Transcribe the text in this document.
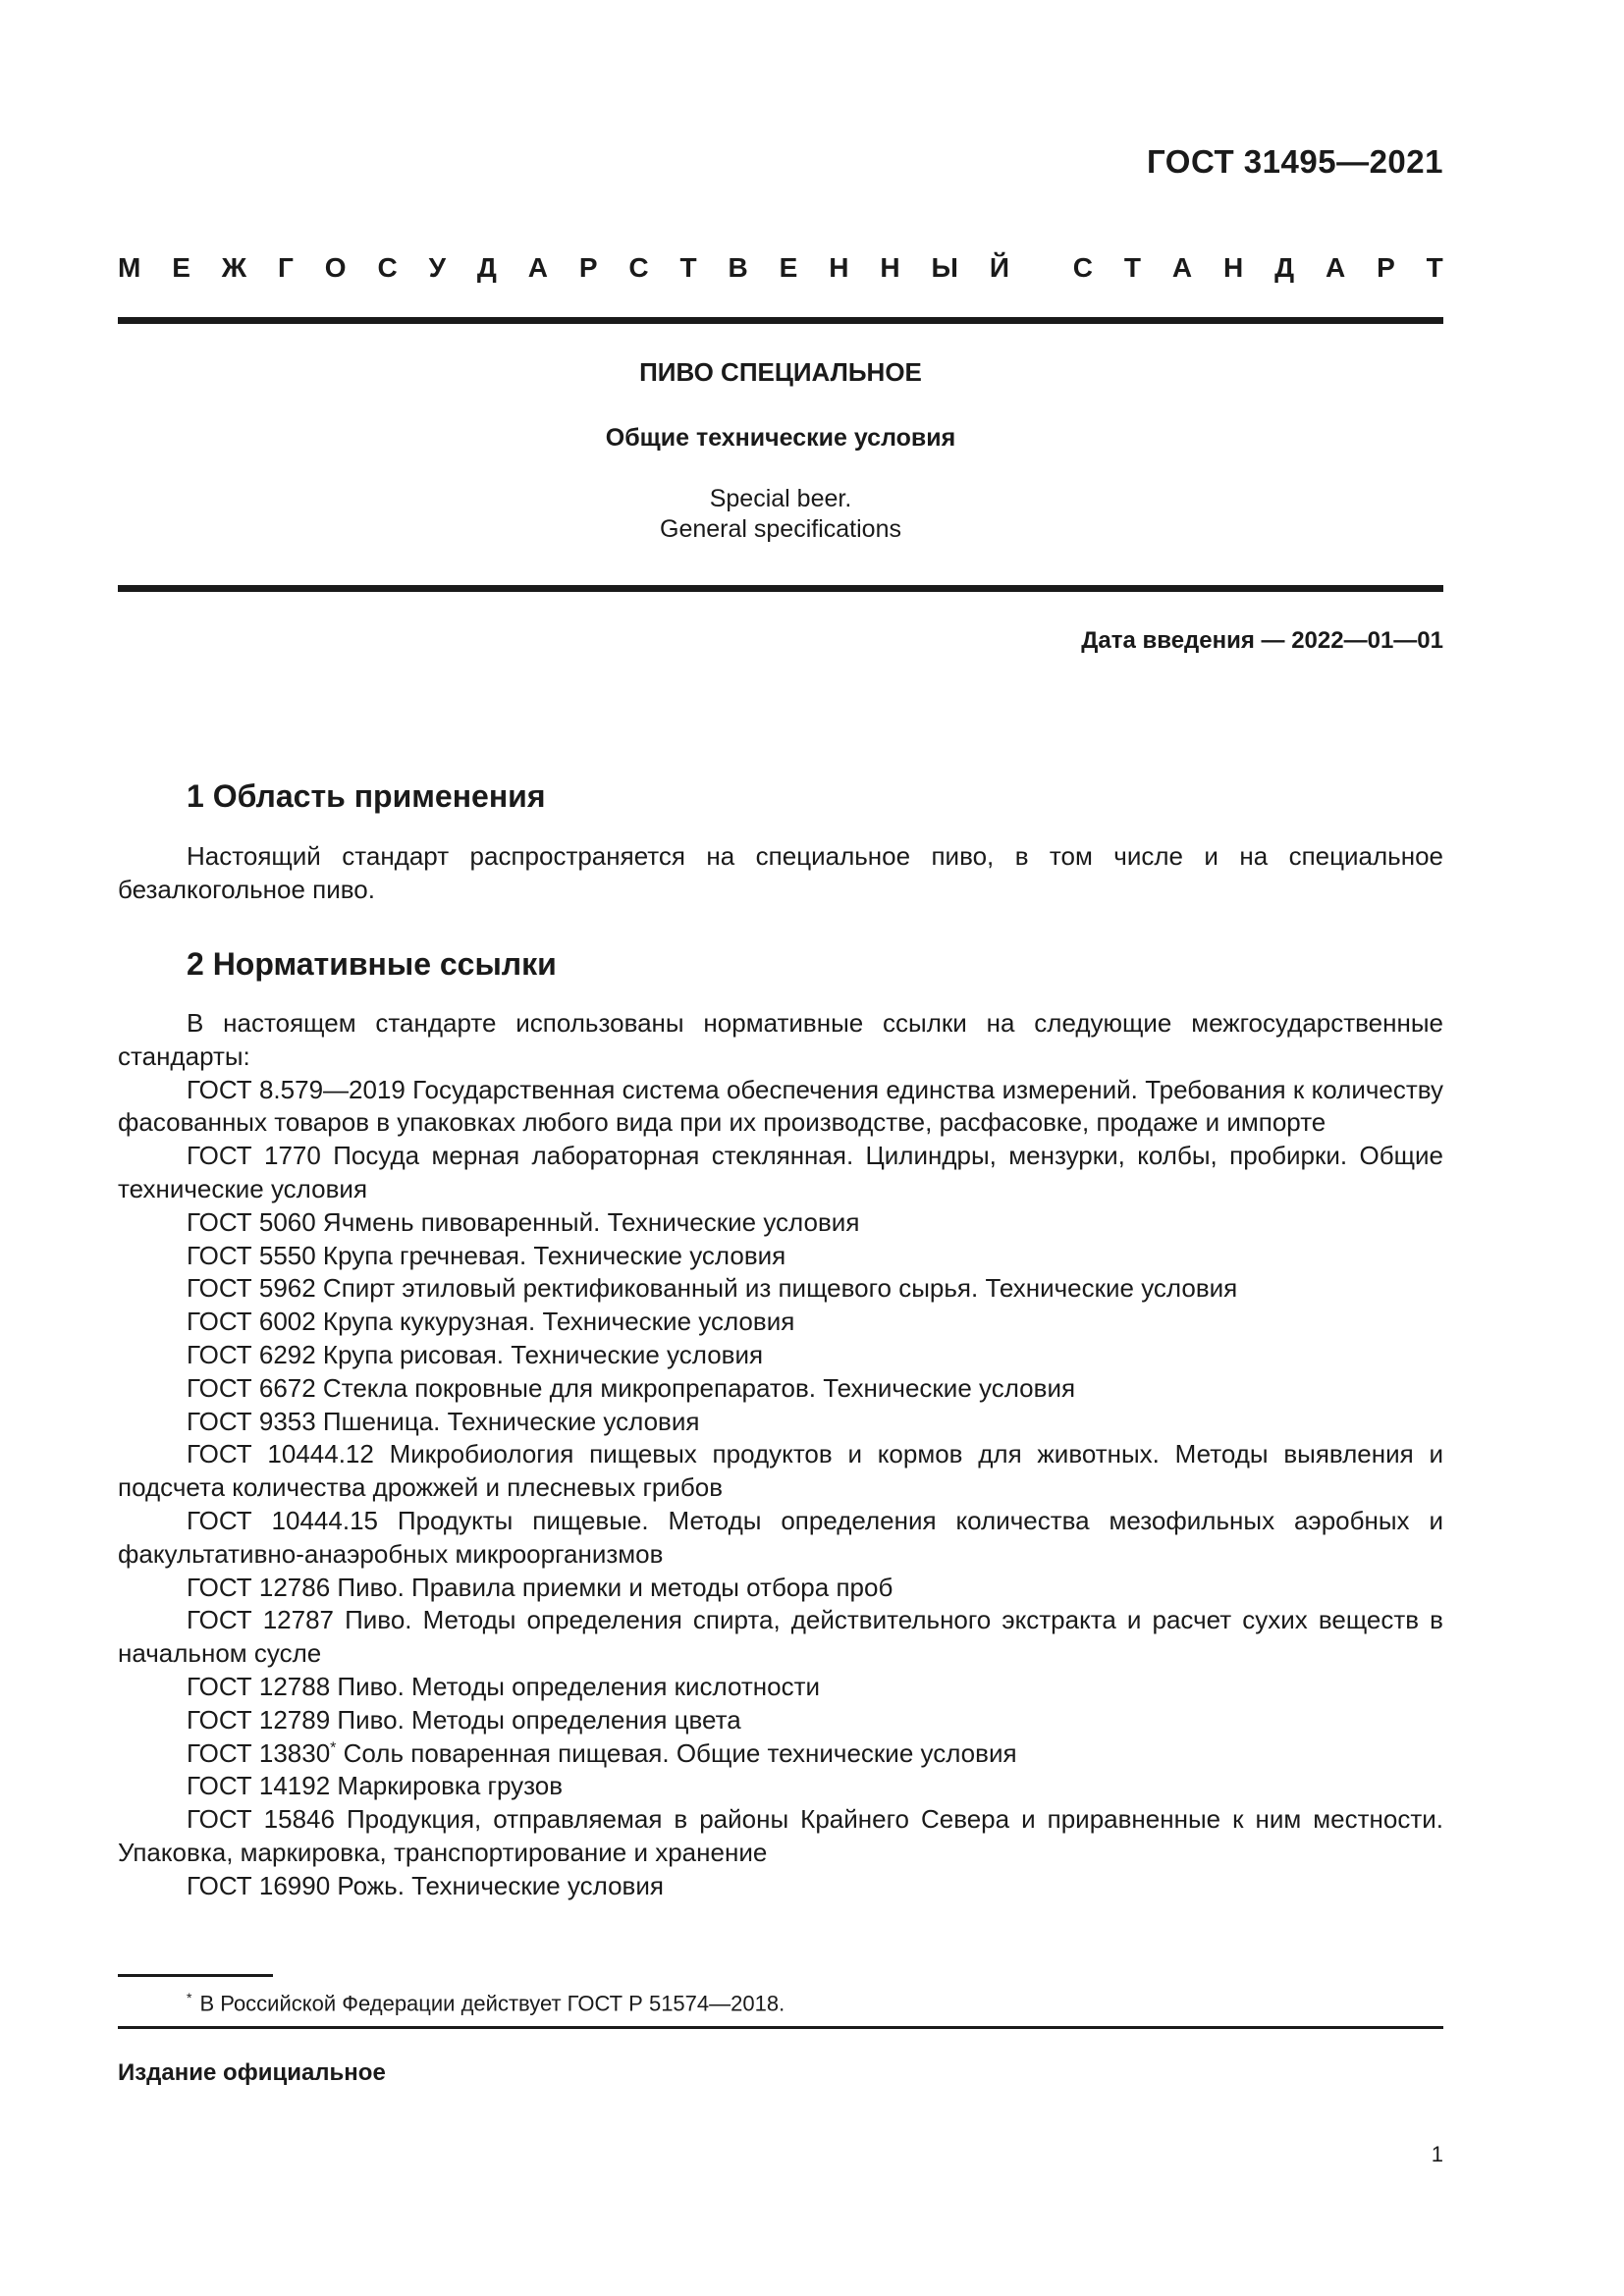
ГОСТ 31495—2021
М Е Ж Г О С У Д А Р С Т В Е Н Н Ы Й С Т А Н Д А Р Т
ПИВО СПЕЦИАЛЬНОЕ
Общие технические условия
Special beer.
General specifications
Дата введения — 2022—01—01
1 Область применения

Настоящий стандарт распространяется на специальное пиво, в том числе и на специальное безалкогольное пиво.

2 Нормативные ссылки

В настоящем стандарте использованы нормативные ссылки на следующие межгосударственные стандарты:

ГОСТ 8.579—2019 Государственная система обеспечения единства измерений. Требования к количеству фасованных товаров в упаковках любого вида при их производстве, расфасовке, продаже и импорте

ГОСТ 1770 Посуда мерная лабораторная стеклянная. Цилиндры, мензурки, колбы, пробирки. Общие технические условия

ГОСТ 5060 Ячмень пивоваренный. Технические условия

ГОСТ 5550 Крупа гречневая. Технические условия

ГОСТ 5962 Спирт этиловый ректификованный из пищевого сырья. Технические условия

ГОСТ 6002 Крупа кукурузная. Технические условия

ГОСТ 6292 Крупа рисовая. Технические условия

ГОСТ 6672 Стекла покровные для микропрепаратов. Технические условия

ГОСТ 9353 Пшеница. Технические условия

ГОСТ 10444.12 Микробиология пищевых продуктов и кормов для животных. Методы выявления и подсчета количества дрожжей и плесневых грибов

ГОСТ 10444.15 Продукты пищевые. Методы определения количества мезофильных аэробных и факультативно-анаэробных микроорганизмов

ГОСТ 12786 Пиво. Правила приемки и методы отбора проб

ГОСТ 12787 Пиво. Методы определения спирта, действительного экстракта и расчет сухих веществ в начальном сусле

ГОСТ 12788 Пиво. Методы определения кислотности

ГОСТ 12789 Пиво. Методы определения цвета

ГОСТ 13830* Соль поваренная пищевая. Общие технические условия

ГОСТ 14192 Маркировка грузов

ГОСТ 15846 Продукция, отправляемая в районы Крайнего Севера и приравненные к ним местности. Упаковка, маркировка, транспортирование и хранение

ГОСТ 16990 Рожь. Технические условия

* В Российской Федерации действует ГОСТ Р 51574—2018.
Издание официальное
1
